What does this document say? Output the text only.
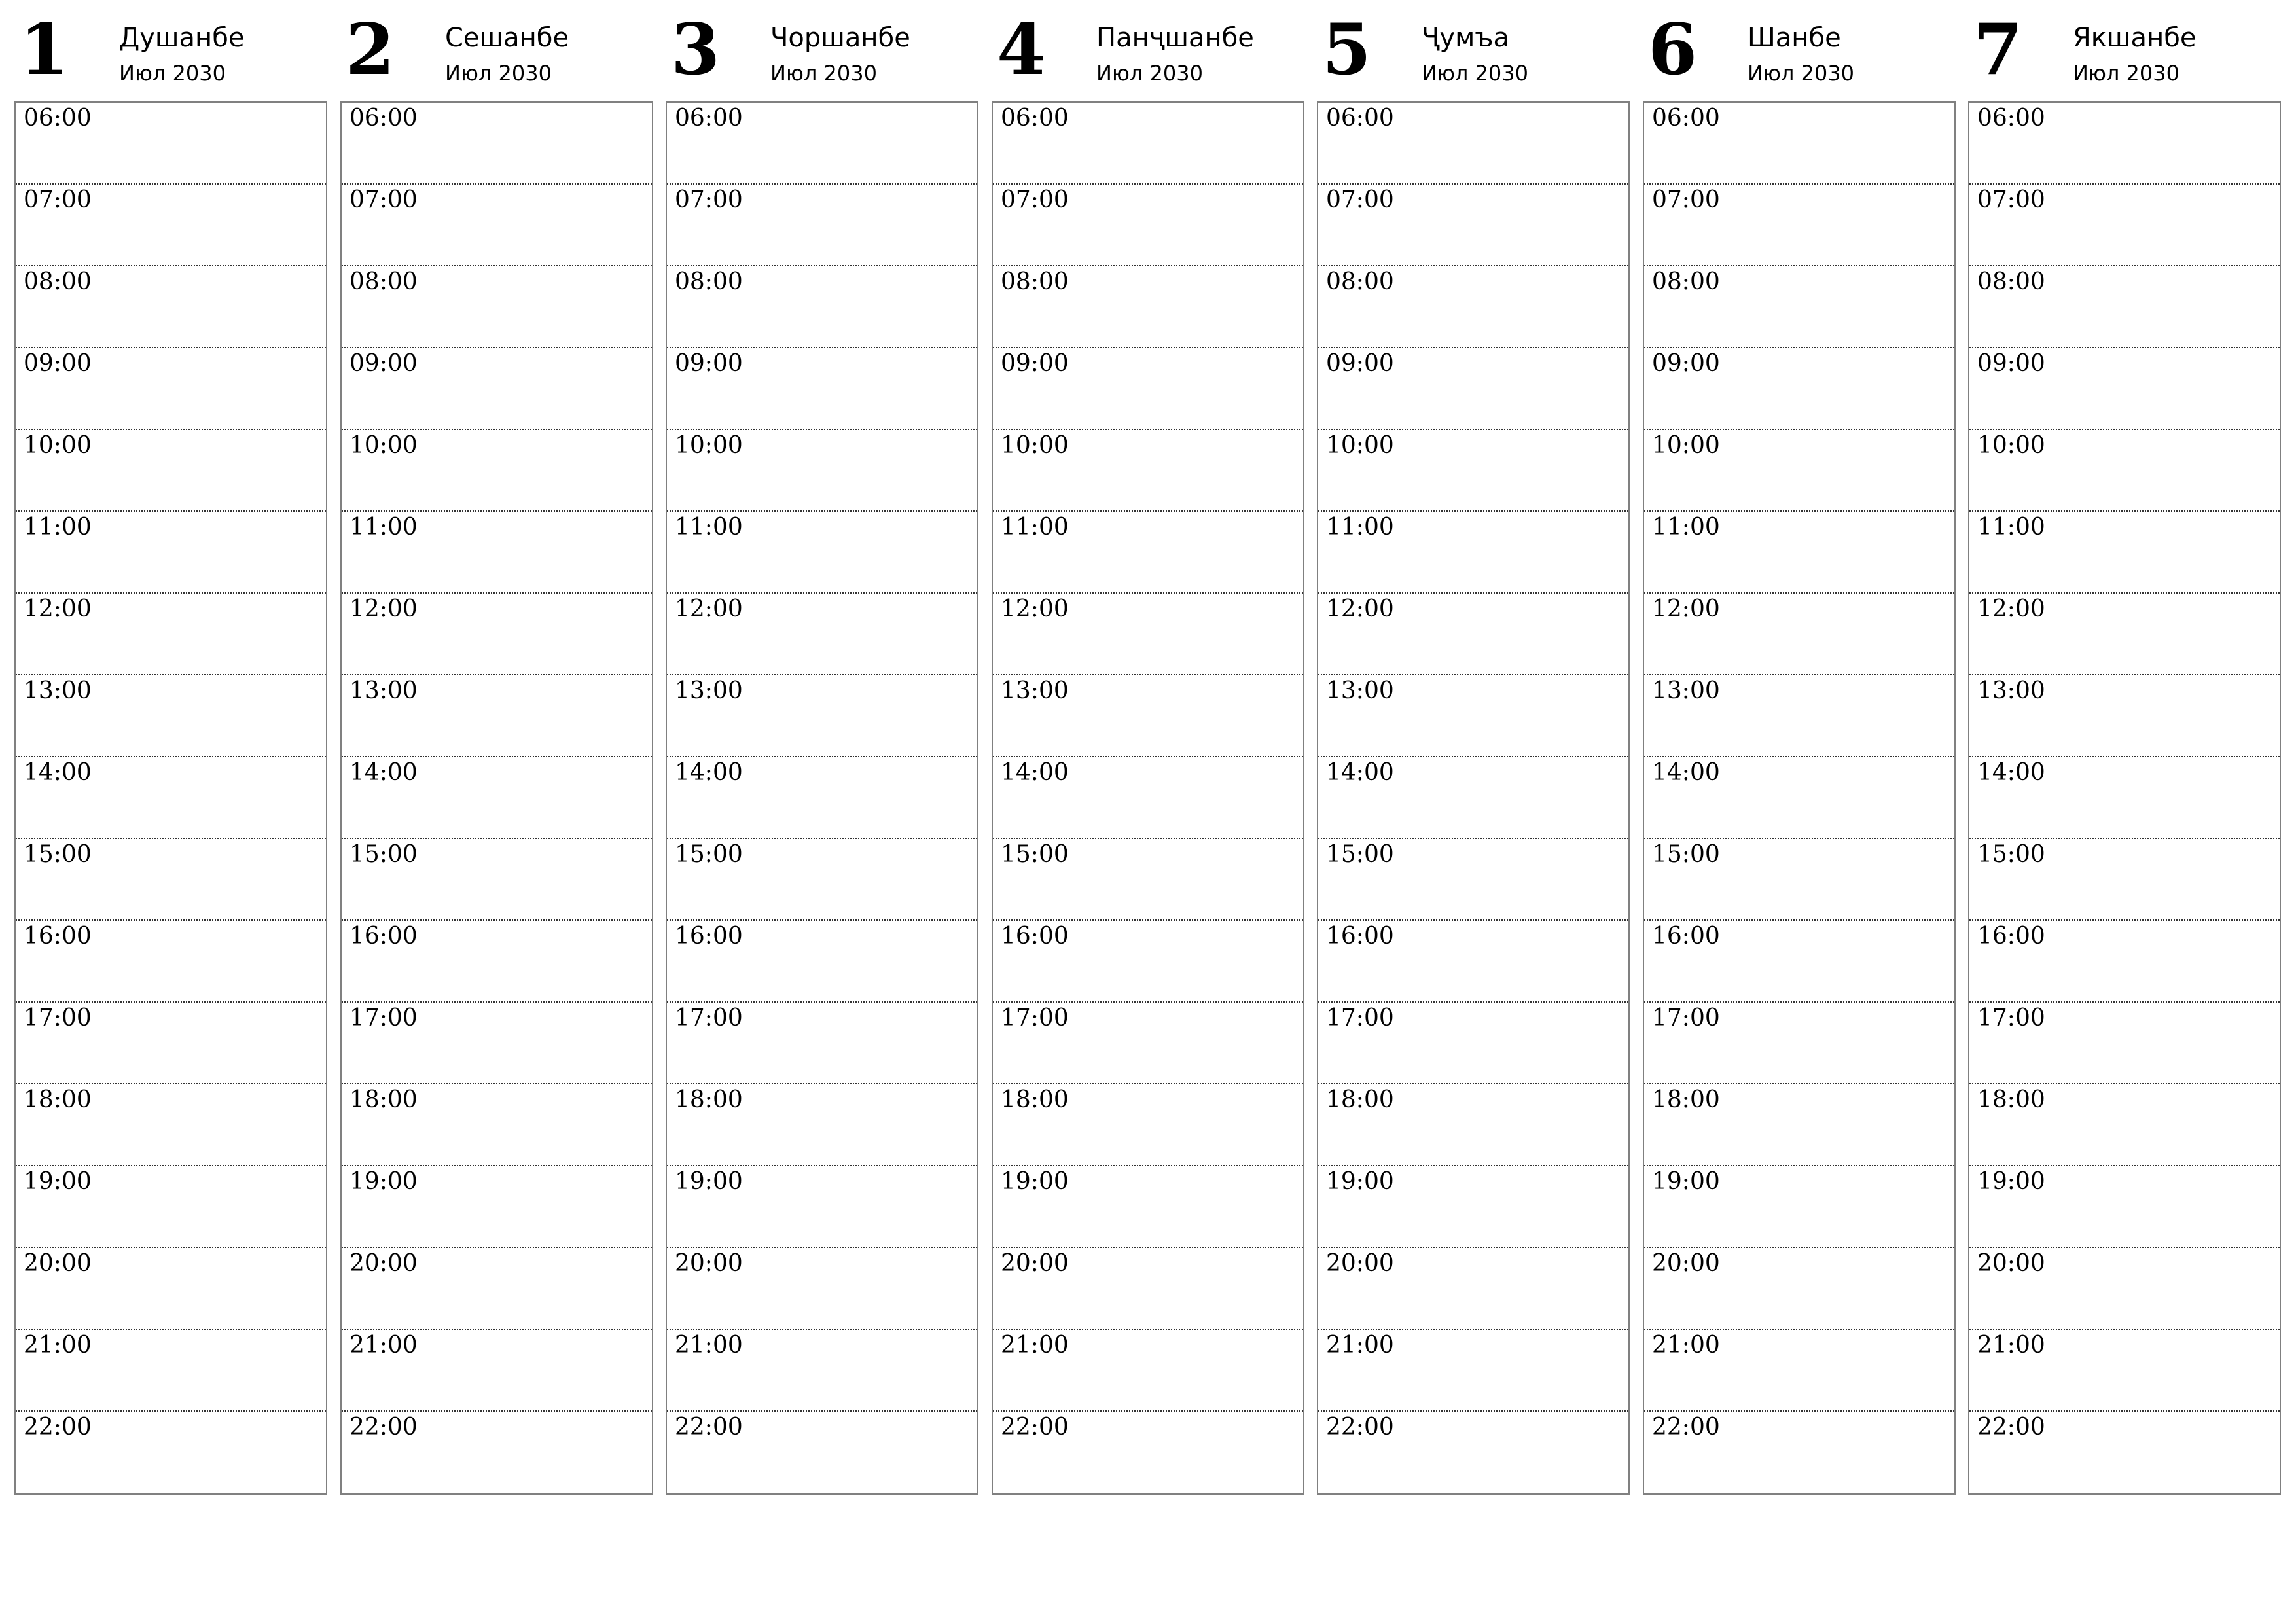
1 Душанбе
Июл 2030
06:00
07:00
08:00
09:00
10:00
11:00
12:00
13:00
14:00
15:00
16:00
17:00
18:00
19:00
20:00
21:00
22:00
2 Сешанбе
Июл 2030
06:00
07:00
08:00
09:00
10:00
11:00
12:00
13:00
14:00
15:00
16:00
17:00
18:00
19:00
20:00
21:00
22:00
3 Чоршанбе
Июл 2030
06:00
07:00
08:00
09:00
10:00
11:00
12:00
13:00
14:00
15:00
16:00
17:00
18:00
19:00
20:00
21:00
22:00
4 Панҷшанбе
Июл 2030
06:00
07:00
08:00
09:00
10:00
11:00
12:00
13:00
14:00
15:00
16:00
17:00
18:00
19:00
20:00
21:00
22:00
5 Ҷумъа
Июл 2030
06:00
07:00
08:00
09:00
10:00
11:00
12:00
13:00
14:00
15:00
16:00
17:00
18:00
19:00
20:00
21:00
22:00
6 Шанбе
Июл 2030
06:00
07:00
08:00
09:00
10:00
11:00
12:00
13:00
14:00
15:00
16:00
17:00
18:00
19:00
20:00
21:00
22:00
7 Якшанбе
Июл 2030
06:00
07:00
08:00
09:00
10:00
11:00
12:00
13:00
14:00
15:00
16:00
17:00
18:00
19:00
20:00
21:00
22:00
